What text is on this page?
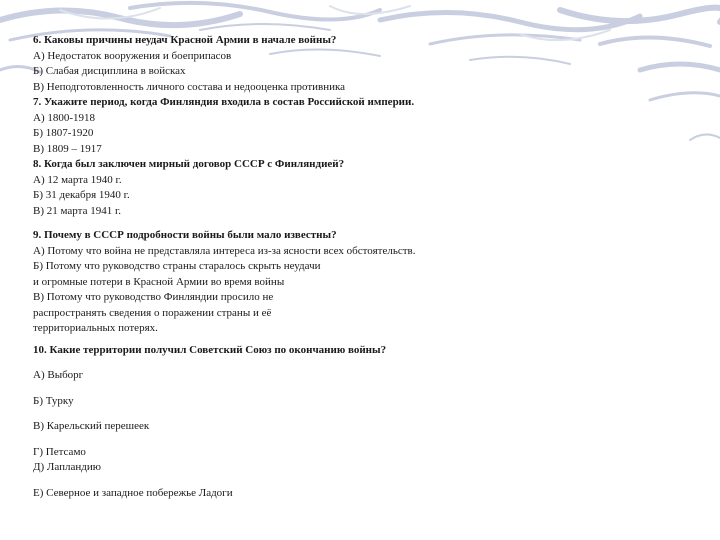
6. Каковы причины неудач Красной Армии в начале войны?
А) Недостаток вооружения и боеприпасов
Б) Слабая дисциплина в войсках
В) Неподготовленность личного состава и недооценка противника
7. Укажите период, когда Финляндия входила в состав Российской империи.
А) 1800-1918
Б) 1807-1920
В) 1809 – 1917
8. Когда был заключен мирный договор СССР с Финляндией?
А) 12 марта 1940 г.
Б) 31 декабря 1940 г.
В) 21 марта 1941 г.
9. Почему в СССР подробности войны были мало известны?
А) Потому что война не представляла интереса из-за ясности всех обстоятельств.
Б) Потому что руководство страны старалось скрыть неудачи
и огромные потери в Красной Армии во время войны
В) Потому что руководство Финляндии просило не
распространять сведения о поражении страны и её
территориальных потерях.
10. Какие территории получил Советский Союз по окончанию войны?
А) Выборг
Б) Турку
В) Карельский перешеек
Г) Петсамо
Д) Лапландию
Е) Северное и западное побережье Ладоги
